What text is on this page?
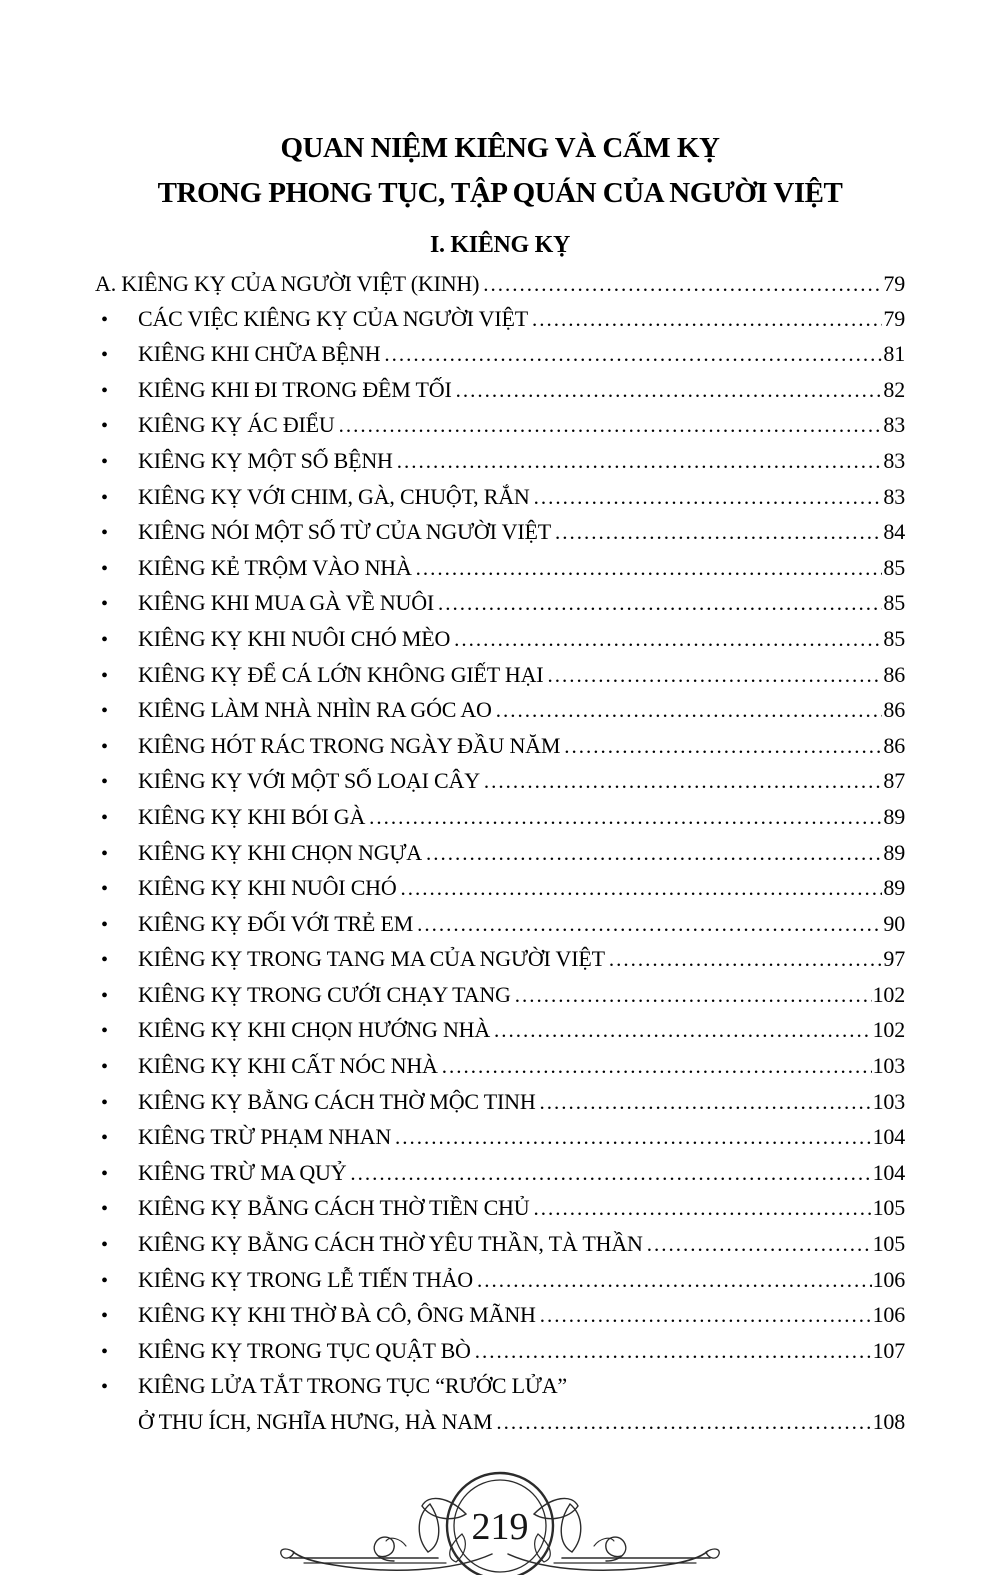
QUAN NIỆM KIÊNG VÀ CẤM KỴ
TRONG PHONG TỤC, TẬP QUÁN CỦA NGƯỜI VIỆT
I. KIÊNG KỴ
A. KIÊNG KỴ CỦA NGƯỜI VIỆT (KINH) .....	79
•	CÁC VIỆC KIÊNG KỴ CỦA NGƯỜI VIỆT .....	79
•	KIÊNG KHI CHỮA BỆNH .....	81
•	KIÊNG KHI ĐI TRONG ĐÊM TỐI .....	82
•	KIÊNG KỴ ÁC ĐIỂU .....	83
•	KIÊNG KỴ MỘT SỐ BỆNH .....	83
•	KIÊNG KỴ VỚI CHIM, GÀ, CHUỘT, RẮN .....	83
•	KIÊNG NÓI MỘT SỐ TỪ CỦA NGƯỜI VIỆT .....	84
•	KIÊNG KẺ TRỘM VÀO NHÀ .....	85
•	KIÊNG KHI MUA GÀ VỀ NUÔI .....	85
•	KIÊNG KỴ KHI NUÔI CHÓ MÈO .....	85
•	KIÊNG KỴ ĐỂ CÁ LỚN KHÔNG GIẾT HẠI .....	86
•	KIÊNG LÀM NHÀ NHÌN RA GÓC AO .....	86
•	KIÊNG HÓT RÁC TRONG NGÀY ĐẦU NĂM .....	86
•	KIÊNG KỴ VỚI MỘT SỐ LOẠI CÂY .....	87
•	KIÊNG KỴ KHI BÓI GÀ .....	89
•	KIÊNG KỴ KHI CHỌN NGỰA .....	89
•	KIÊNG KỴ KHI NUÔI CHÓ .....	89
•	KIÊNG KỴ ĐỐI VỚI TRẺ EM .....	90
•	KIÊNG KỴ TRONG TANG MA CỦA NGƯỜI VIỆT .....	97
•	KIÊNG KỴ TRONG CƯỚI CHẠY TANG .....	102
•	KIÊNG KỴ KHI CHỌN HƯỚNG NHÀ .....	102
•	KIÊNG KỴ KHI CẤT NÓC NHÀ .....	103
•	KIÊNG KỴ BẰNG CÁCH THỜ MỘC TINH .....	103
•	KIÊNG TRỪ PHẠM NHAN .....	104
•	KIÊNG TRỪ MA QUỶ .....	104
•	KIÊNG KỴ BẰNG CÁCH THỜ TIỀN CHỦ .....	105
•	KIÊNG KỴ BẰNG CÁCH THỜ YÊU THẦN, TÀ THẦN .....	105
•	KIÊNG KỴ TRONG LỄ TIẾN THẢO .....	106
•	KIÊNG KỴ KHI THỜ BÀ CÔ, ÔNG MÃNH .....	106
•	KIÊNG KỴ TRONG TỤC QUẬT BÒ .....	107
•	KIÊNG LỬA TẮT TRONG TỤC “RƯỚC LỬA”
Ở THU ÍCH, NGHĨA HƯNG, HÀ NAM .....	108
219
